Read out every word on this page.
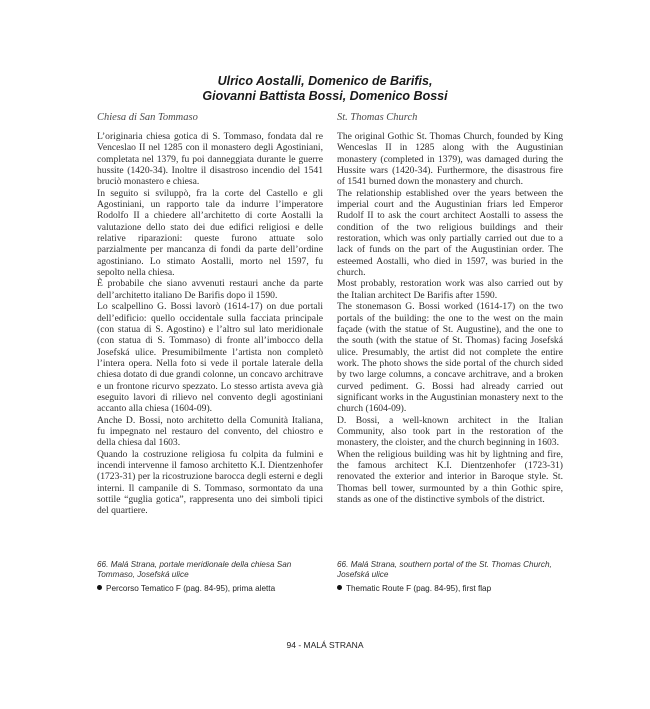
Ulrico Aostalli, Domenico de Barifis,
Giovanni Battista Bossi, Domenico Bossi

Chiesa di San Tommaso

L’originaria chiesa gotica di S. Tommaso, fondata dal re Venceslao II nel 1285 con il monastero degli Agostiniani, completata nel 1379, fu poi danneggiata durante le guerre hussite (1420-34). Inoltre il disastroso incendio del 1541 bruciò monastero e chiesa.

In seguito si sviluppò, fra la corte del Castello e gli Agostiniani, un rapporto tale da indurre l’imperatore Rodolfo II a chiedere all’architetto di corte Aostalli la valutazione dello stato dei due edifici religiosi e delle relative riparazioni: queste furono attuate solo parzialmente per mancanza di fondi da parte dell’ordine agostiniano. Lo stimato Aostalli, morto nel 1597, fu sepolto nella chiesa.

È probabile che siano avvenuti restauri anche da parte dell’architetto italiano De Barifis dopo il 1590.

Lo scalpellino G. Bossi lavorò (1614-17) on due portali dell’edificio: quello occidentale sulla facciata principale (con statua di S. Agostino) e l’altro sul lato meridionale (con statua di S. Tommaso) di fronte all’imbocco della Josefská ulice. Presumibilmente l’artista non completò l’intera opera. Nella foto si vede il portale laterale della chiesa dotato di due grandi colonne, un concavo architrave e un frontone ricurvo spezzato. Lo stesso artista aveva già eseguito lavori di rilievo nel convento degli agostiniani accanto alla chiesa (1604-09).

Anche D. Bossi, noto architetto della Comunità Italiana, fu impegnato nel restauro del convento, del chiostro e della chiesa dal 1603.

Quando la costruzione religiosa fu colpita da fulmini e incendi intervenne il famoso architetto K.I. Dientzenhofer (1723-31) per la ricostruzione barocca degli esterni e degli interni. Il campanile di S. Tommaso, sormontato da una sottile “guglia gotica”, rappresenta uno dei simboli tipici del quartiere.

St. Thomas Church

The original Gothic St. Thomas Church, founded by King Wenceslas II in 1285 along with the Augustinian monastery (completed in 1379), was damaged during the Hussite wars (1420-34). Furthermore, the disastrous fire of 1541 burned down the monastery and church.

The relationship established over the years between the imperial court and the Augustinian friars led Emperor Rudolf II to ask the court architect Aostalli to assess the condition of the two religious buildings and their restoration, which was only partially carried out due to a lack of funds on the part of the Augustinian order. The esteemed Aostalli, who died in 1597, was buried in the church.

Most probably, restoration work was also carried out by the Italian architect De Barifis after 1590.

The stonemason G. Bossi worked (1614-17) on the two portals of the building: the one to the west on the main façade (with the statue of St. Augustine), and the one to the south (with the statue of St. Thomas) facing Josefská ulice. Presumably, the artist did not complete the entire work. The photo shows the side portal of the church sided by two large columns, a concave architrave, and a broken curved pediment. G. Bossi had already carried out significant works in the Augustinian monastery next to the church (1604-09).

D. Bossi, a well-known architect in the Italian Community, also took part in the restoration of the monastery, the cloister, and the church beginning in 1603.

When the religious building was hit by lightning and fire, the famous architect K.I. Dientzenhofer (1723-31) renovated the exterior and interior in Baroque style. St. Thomas bell tower, surmounted by a thin Gothic spire, stands as one of the distinctive symbols of the district.

66. Malá Strana, portale meridionale della chiesa San Tommaso, Josefská ulice

Percorso Tematico F (pag. 84-95), prima aletta

66. Malá Strana, southern portal of the St. Thomas Church, Josefská ulice

Thematic Route F (pag. 84-95), first flap

94 - MALÁ STRANA
